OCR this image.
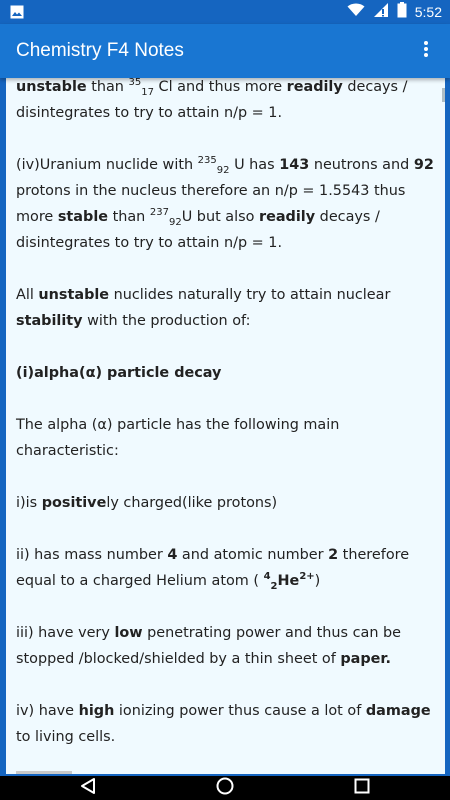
5:52
Chemistry F4 Notes

unstable than $^{35}_{17}$ Cl and thus more readily decays / disintegrates to try to attain n/p = 1.

(iv)Uranium nuclide with $^{235}_{92}$ U has 143 neutrons and 92 protons in the nucleus therefore an n/p = 1.5543 thus more stable than $^{237}_{92}$U but also readily decays / disintegrates to try to attain n/p = 1.

All unstable nuclides naturally try to attain nuclear stability with the production of:

(i)alpha(α) particle decay

The alpha (α) particle has the following main characteristic:

i)is positively charged(like protons)

ii) has mass number 4 and atomic number 2 therefore equal to a charged Helium atom ( $^4_2He^{2+}$)

iii) have very low penetrating power and thus can be stopped /blocked/shielded by a thin sheet of paper.

iv) have high ionizing power thus cause a lot of damage to living cells.
